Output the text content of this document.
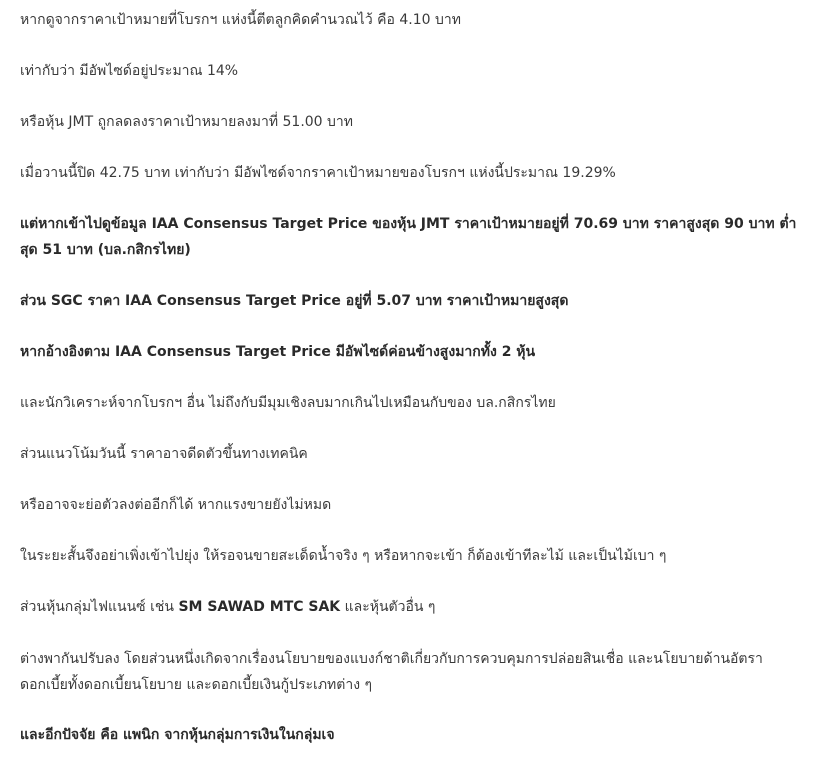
หากดูจากราคาเป้าหมายที่โบรกฯ แห่งนี้ตีตลูกคิดคำนวณไว้ คือ 4.10 บาท

เท่ากับว่า มีอัพไซด์อยู่ประมาณ 14%

หรือหุ้น JMT ถูกลดลงราคาเป้าหมายลงมาที่ 51.00 บาท

เมื่อวานนี้ปิด 42.75 บาท เท่ากับว่า มีอัพไซด์จากราคาเป้าหมายของโบรกฯ แห่งนี้ประมาณ 19.29%

แต่หากเข้าไปดูข้อมูล IAA Consensus Target Price ของหุ้น JMT ราคาเป้าหมายอยู่ที่ 70.69 บาท ราคาสูงสุด 90 บาท ต่ำสุด 51 บาท (บล.กสิกรไทย)

ส่วน SGC ราคา IAA Consensus Target Price อยู่ที่ 5.07 บาท ราคาเป้าหมายสูงสุด

หากอ้างอิงตาม IAA Consensus Target Price มีอัพไซด์ค่อนข้างสูงมากทั้ง 2 หุ้น

และนักวิเคราะห์จากโบรกฯ อื่น ไม่ถึงกับมีมุมเชิงลบมากเกินไปเหมือนกับของ บล.กสิกรไทย

ส่วนแนวโน้มวันนี้ ราคาอาจดีดตัวขึ้นทางเทคนิค

หรืออาจจะย่อตัวลงต่ออีกก็ได้ หากแรงขายยังไม่หมด

ในระยะสั้นจึงอย่าเพิ่งเข้าไปยุ่ง ให้รอจนขายสะเด็ดน้ำจริง ๆ หรือหากจะเข้า ก็ต้องเข้าทีละไม้ และเป็นไม้เบา ๆ

ส่วนหุ้นกลุ่มไฟแนนซ์ เช่น SM SAWAD MTC SAK และหุ้นตัวอื่น ๆ

ต่างพากันปรับลง โดยส่วนหนึ่งเกิดจากเรื่องนโยบายของแบงก์ชาติเกี่ยวกับการควบคุมการปล่อยสินเชื่อ และนโยบายด้านอัตราดอกเบี้ยทั้งดอกเบี้ยนโยบาย และดอกเบี้ยเงินกู้ประเภทต่าง ๆ

และอีกปัจจัย คือ แพนิก จากหุ้นกลุ่มการเงินในกลุ่มเจ
